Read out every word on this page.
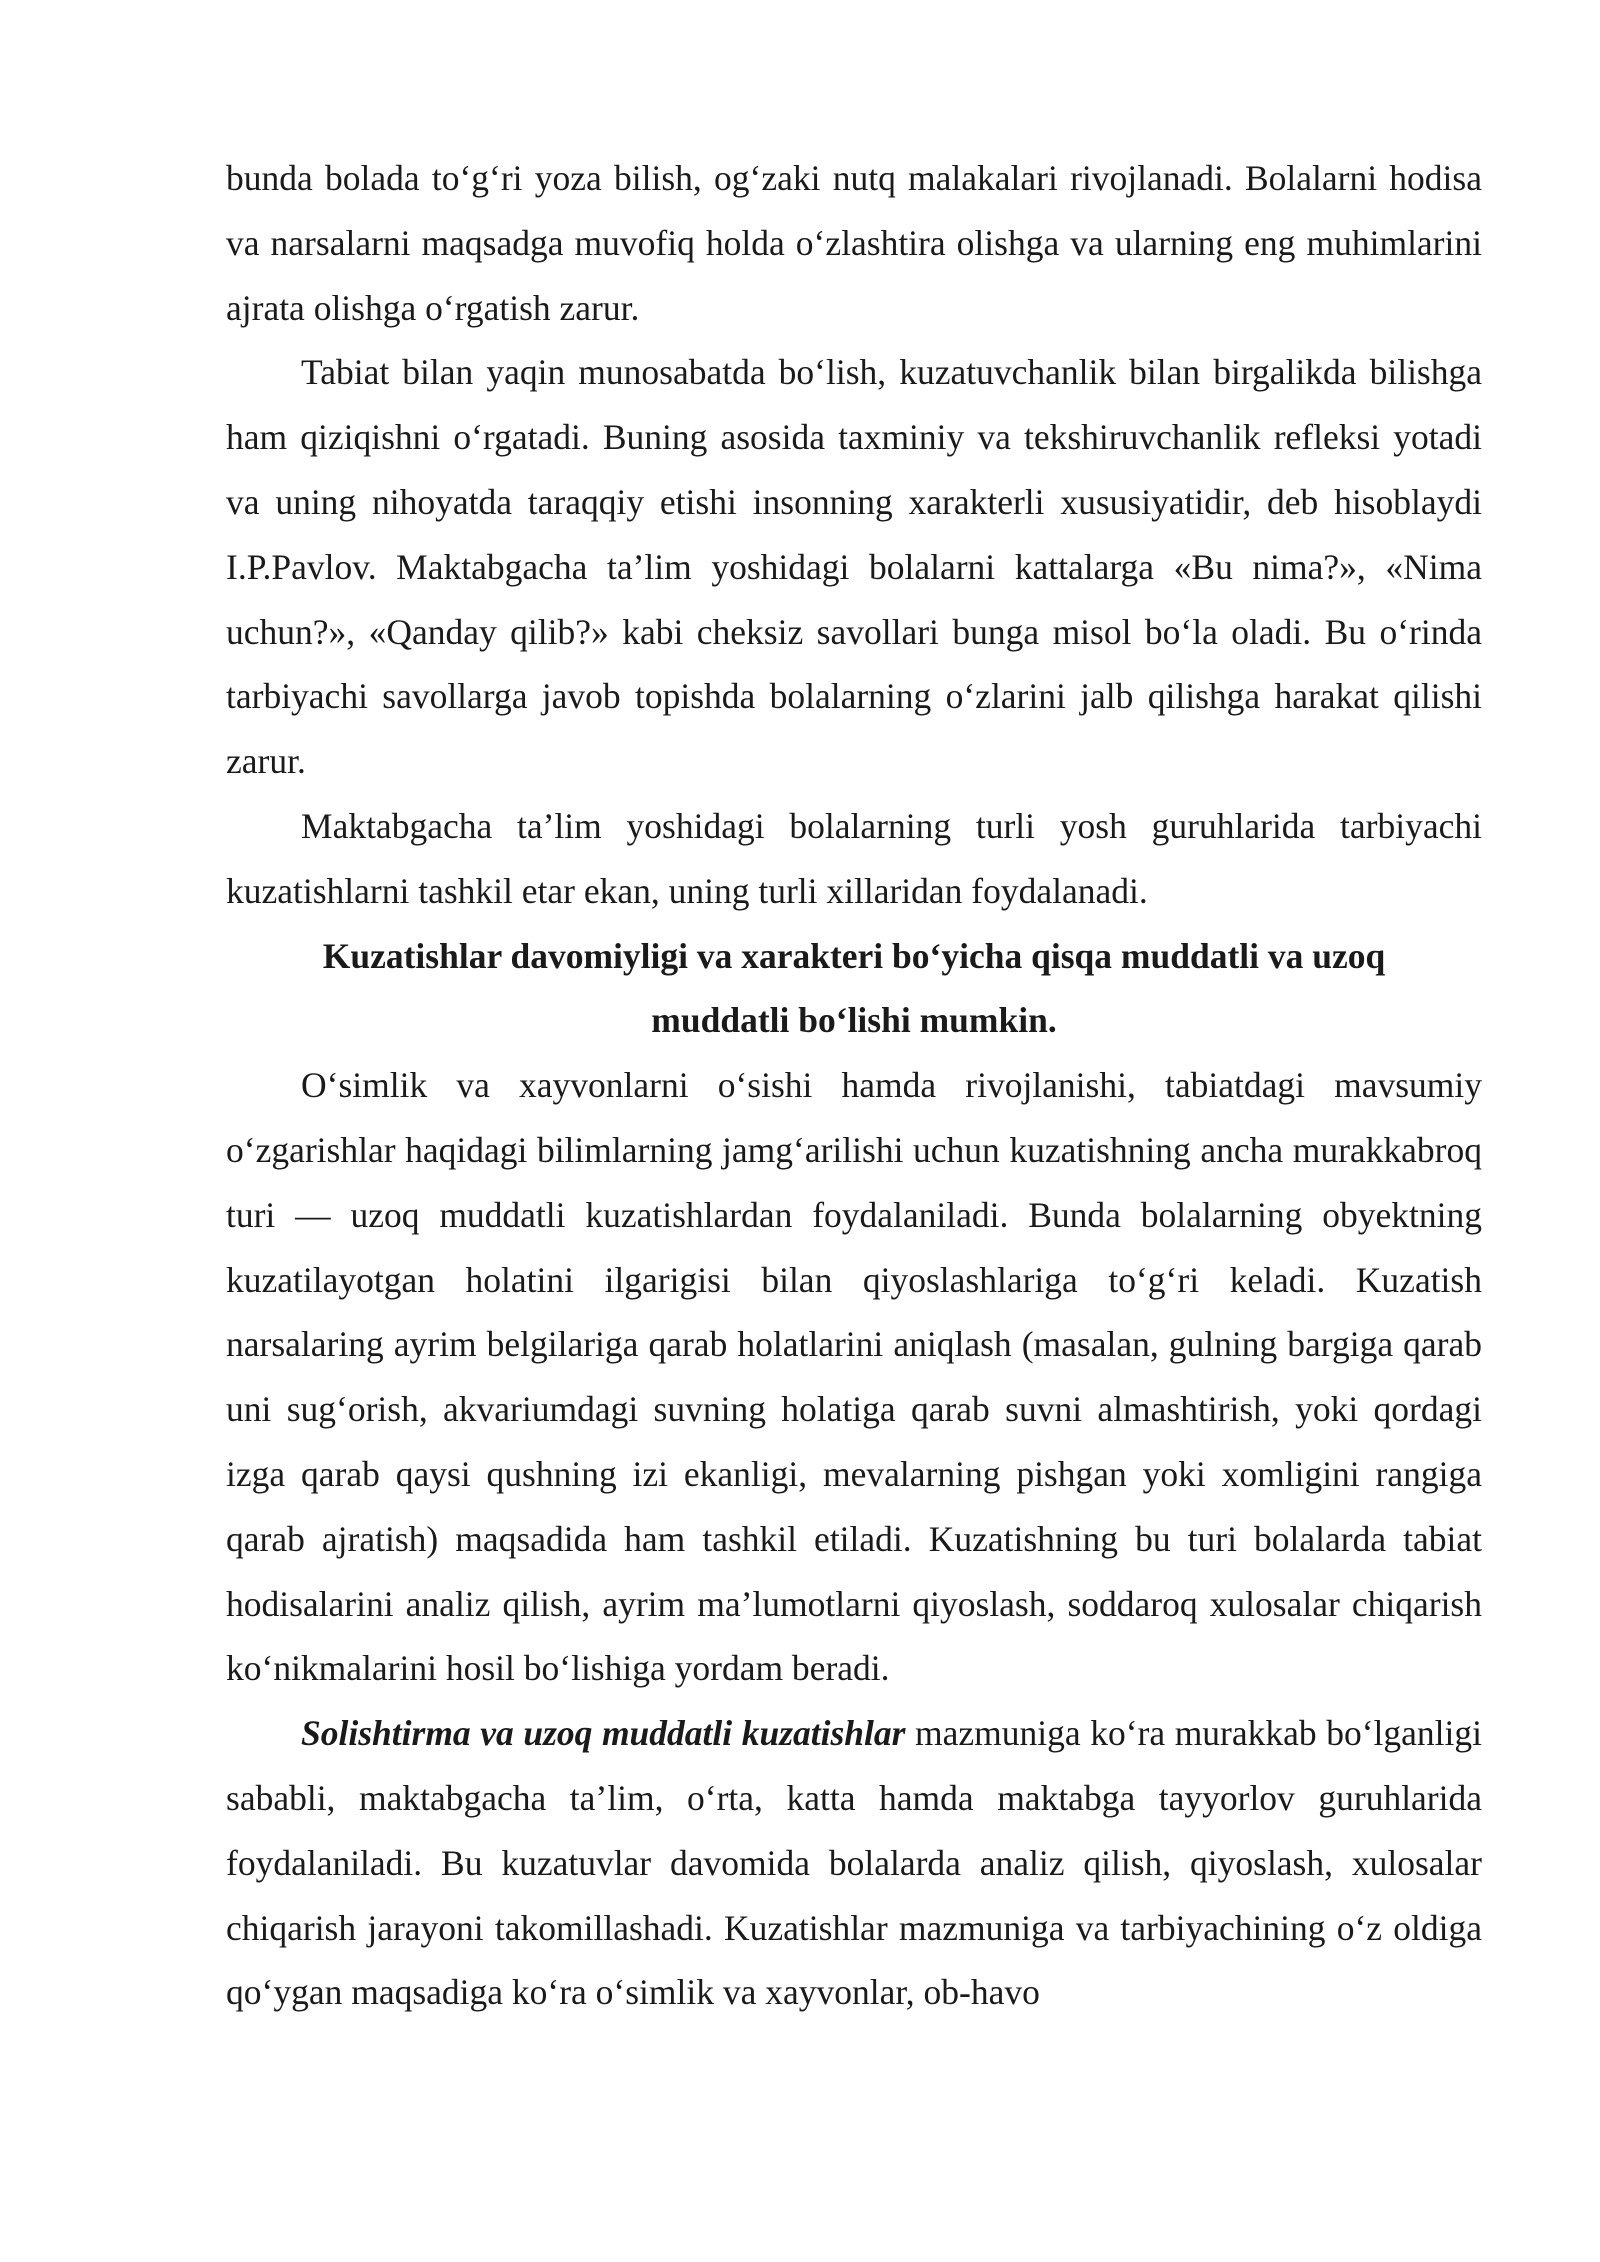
bunda bolada to‘g‘ri yoza bilish, og‘zaki nutq malakalari rivojlanadi. Bolalarni hodisa va narsalarni maqsadga muvofiq holda o‘zlashtira olishga va ularning eng muhimlarini ajrata olishga o‘rgatish zarur.

Tabiat bilan yaqin munosabatda bo‘lish, kuzatuvchanlik bilan birgalikda bilishga ham qiziqishni o‘rgatadi. Buning asosida taxminiy va tekshiruvchanlik refleksi yotadi va uning nihoyatda taraqqiy etishi insonning xarakterli xususiyatidir, deb hisoblaydi I.P.Pavlov. Maktabgacha ta’lim yoshidagi bolalarni kattalarga «Bu nima?», «Nima uchun?», «Qanday qilib?» kabi cheksiz savollari bunga misol bo‘la oladi. Bu o‘rinda tarbiyachi savollarga javob topishda bolalarning o‘zlarini jalb qilishga harakat qilishi zarur.

Maktabgacha ta’lim yoshidagi bolalarning turli yosh guruhlarida tarbiyachi kuzatishlarni tashkil etar ekan, uning turli xillaridan foydalanadi.

Kuzatishlar davomiyligi va xarakteri bo‘yicha qisqa muddatli va uzoq muddatli bo‘lishi mumkin.

O‘simlik va xayvonlarni o‘sishi hamda rivojlanishi, tabiatdagi mavsumiy o‘zgarishlar haqidagi bilimlarning jamg‘arilishi uchun kuzatishning ancha murakkabroq turi — uzoq muddatli kuzatishlardan foydalaniladi. Bunda bolalarning obyektning kuzatilayotgan holatini ilgarigisi bilan qiyoslashlariga to‘g‘ri keladi. Kuzatish narsalaring ayrim belgilariga qarab holatlarini aniqlash (masalan, gulning bargiga qarab uni sug‘orish, akvariumdagi suvning holatiga qarab suvni almashtirish, yoki qordagi izga qarab qaysi qushning izi ekanligi, mevalarning pishgan yoki xomligini rangiga qarab ajratish) maqsadida ham tashkil etiladi. Kuzatishning bu turi bolalarda tabiat hodisalarini analiz qilish, ayrim ma’lumotlarni qiyoslash, soddaroq xulosalar chiqarish ko‘nikmalarini hosil bo‘lishiga yordam beradi.

Solishtirma va uzoq muddatli kuzatishlar mazmuniga ko‘ra murakkab bo‘lganligi sababli, maktabgacha ta’lim, o‘rta, katta hamda maktabga tayyorlov guruhlarida foydalaniladi. Bu kuzatuvlar davomida bolalarda analiz qilish, qiyoslash, xulosalar chiqarish jarayoni takomillashadi. Kuzatishlar mazmuniga va tarbiyachining o‘z oldiga qo‘ygan maqsadiga ko‘ra o‘simlik va xayvonlar, ob-havo
